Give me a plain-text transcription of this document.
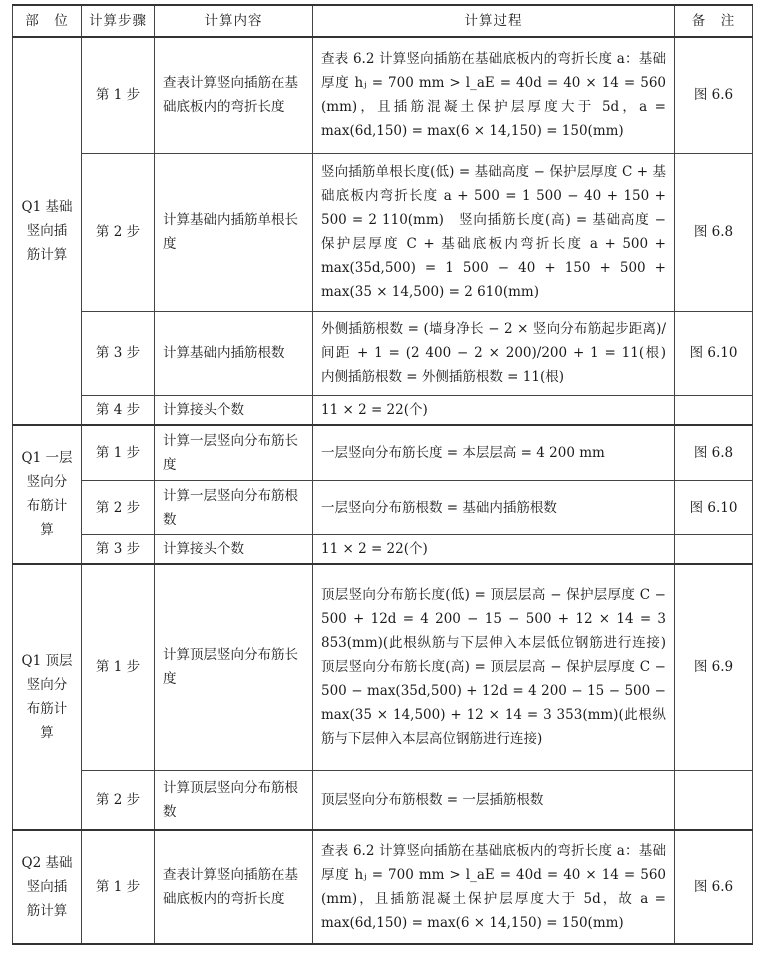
部　位	计算步骤	计算内容	计算过程	备　注
Q1 基础竖向插筋计算	第 1 步	查表计算竖向插筋在基础底板内的弯折长度	查表 6.2 计算竖向插筋在基础底板内的弯折长度 a：基础厚度 hⱼ = 700 mm > l_aE = 40d = 40 × 14 = 560 (mm)，且插筋混凝土保护层厚度大于 5d，a = max(6d,150) = max(6 × 14,150) = 150(mm)	图 6.6
	第 2 步	计算基础内插筋单根长度	竖向插筋单根长度(低) = 基础高度 − 保护层厚度 C + 基础底板内弯折长度 a + 500 = 1 500 − 40 + 150 + 500 = 2 110(mm)　竖向插筋长度(高) = 基础高度 − 保护层厚度 C + 基础底板内弯折长度 a + 500 + max(35d,500) = 1 500 − 40 + 150 + 500 + max(35 × 14,500) = 2 610(mm)	图 6.8
	第 3 步	计算基础内插筋根数	外侧插筋根数 = (墙身净长 − 2 × 竖向分布筋起步距离)/间距 + 1 = (2 400 − 2 × 200)/200 + 1 = 11(根)　内侧插筋根数 = 外侧插筋根数 = 11(根)	图 6.10
	第 4 步	计算接头个数	11 × 2 = 22(个)	
Q1 一层竖向分布筋计算	第 1 步	计算一层竖向分布筋长度	一层竖向分布筋长度 = 本层层高 = 4 200 mm	图 6.8
	第 2 步	计算一层竖向分布筋根数	一层竖向分布筋根数 = 基础内插筋根数	图 6.10
	第 3 步	计算接头个数	11 × 2 = 22(个)	
Q1 顶层竖向分布筋计算	第 1 步	计算顶层竖向分布筋长度	顶层竖向分布筋长度(低) = 顶层层高 − 保护层厚度 C − 500 + 12d = 4 200 − 15 − 500 + 12 × 14 = 3 853(mm)(此根纵筋与下层伸入本层低位钢筋进行连接)　顶层竖向分布筋长度(高) = 顶层层高 − 保护层厚度 C − 500 − max(35d,500) + 12d = 4 200 − 15 − 500 − max(35 × 14,500) + 12 × 14 = 3 353(mm)(此根纵筋与下层伸入本层高位钢筋进行连接)	图 6.9
	第 2 步	计算顶层竖向分布筋根数	顶层竖向分布筋根数 = 一层插筋根数	
Q2 基础竖向插筋计算	第 1 步	查表计算竖向插筋在基础底板内的弯折长度	查表 6.2 计算竖向插筋在基础底板内的弯折长度 a：基础厚度 hⱼ = 700 mm > l_aE = 40d = 40 × 14 = 560 (mm)，且插筋混凝土保护层厚度大于 5d，故 a = max(6d,150) = max(6 × 14,150) = 150(mm)	图 6.6
